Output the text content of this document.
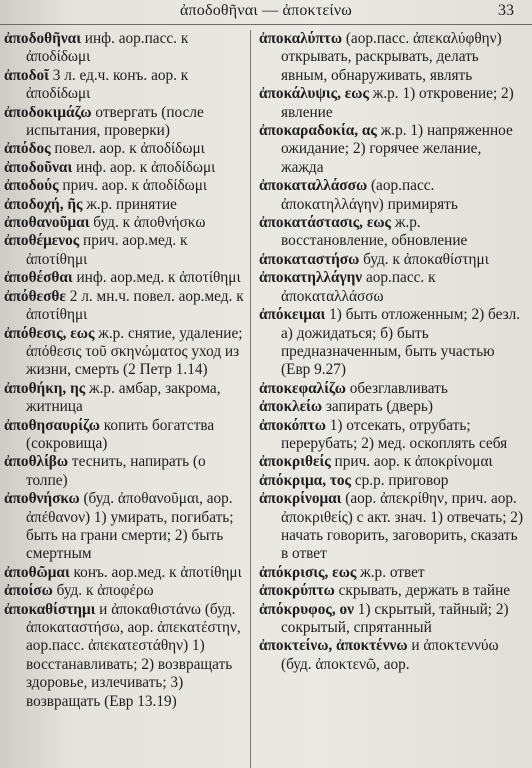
ἀποδοθῆναι — ἀποκτείνω	33

ἀποδοθῆναι инф. аор.пасс. к ἀποδίδωμι

ἀποδοῖ 3 л. ед.ч. конъ. аор. к ἀποδίδωμι

ἀποδοκιμάζω отвергать (после испытания, проверки)

ἀπόδος повел. аор. к ἀποδίδωμι

ἀποδοῦναι инф. аор. к ἀποδίδωμι

ἀποδούς прич. аор. к ἀποδίδωμι

ἀποδοχή, ῆς ж.р. принятие

ἀποθανοῦμαι буд. к ἀποθνήσκω

ἀποθέμενος прич. аор.мед. к ἀποτίθημι

ἀποθέσθαι инф. аор.мед. к ἀποτίθημι

ἀπόθεσθε 2 л. мн.ч. повел. аор.мед. к ἀποτίθημι

ἀπόθεσις, εως ж.р. снятие, удаление; ἀπόθεσις τοῦ σκηνώματος уход из жизни, смерть (2 Петр 1.14)

ἀποθήκη, ης ж.р. амбар, закрома, житница

ἀποθησαυρίζω копить богатства (сокровища)

ἀποθλίβω теснить, напирать (о толпе)

ἀποθνήσκω (буд. ἀποθανοῦμαι, аор. ἀπέθανον) 1) умирать, погибать; быть на грани смерти; 2) быть смертным

ἀποθῶμαι конъ. аор.мед. к ἀποτίθημι

ἀποίσω буд. к ἀποφέρω

ἀποκαθίστημι и ἀποκαθιστάνω (буд. ἀποκαταστήσω, аор. ἀπεκατέστην, аор.пасс. ἀπεκατεστάθην) 1) восстанавливать; 2) возвращать здоровье, излечивать; 3) возвращать (Евр 13.19)

ἀποκαλύπτω (аор.пасс. ἀπεκαλύφθην) открывать, раскрывать, делать явным, обнаруживать, являть

ἀποκάλυψις, εως ж.р. 1) откровение; 2) явление

ἀποκαραδοκία, ας ж.р. 1) напряженное ожидание; 2) горячее желание, жажда

ἀποκαταλλάσσω (аор.пасс. ἀποκατηλλάγην) примирять

ἀποκατάστασις, εως ж.р. восстановление, обновление

ἀποκαταστήσω буд. к ἀποκαθίστημι

ἀποκατηλλάγην аор.пасс. к ἀποκαταλλάσσω

ἀπόκειμαι 1) быть отложенным; 2) безл. а) дожидаться; б) быть предназначенным, быть участью (Евр 9.27)

ἀποκεφαλίζω обезглавливать

ἀποκλείω запирать (дверь)

ἀποκόπτω 1) отсекать, отрубать; перерубать; 2) мед. оскоплять себя

ἀποκριθείς прич. аор. к ἀποκρίνομαι

ἀπόκριμα, τος ср.р. приговор

ἀποκρίνομαι (аор. ἀπεκρίθην, прич. аор. ἀποκριθείς) с акт. знач. 1) отвечать; 2) начать говорить, заговорить, сказать в ответ

ἀπόκρισις, εως ж.р. ответ

ἀποκρύπτω скрывать, держать в тайне

ἀπόκρυφος, ον 1) скрытый, тайный; 2) сокрытый, спрятанный

ἀποκτείνω, ἀποκτέννω и ἀποκτεννύω (буд. ἀποκτενῶ, аор.
